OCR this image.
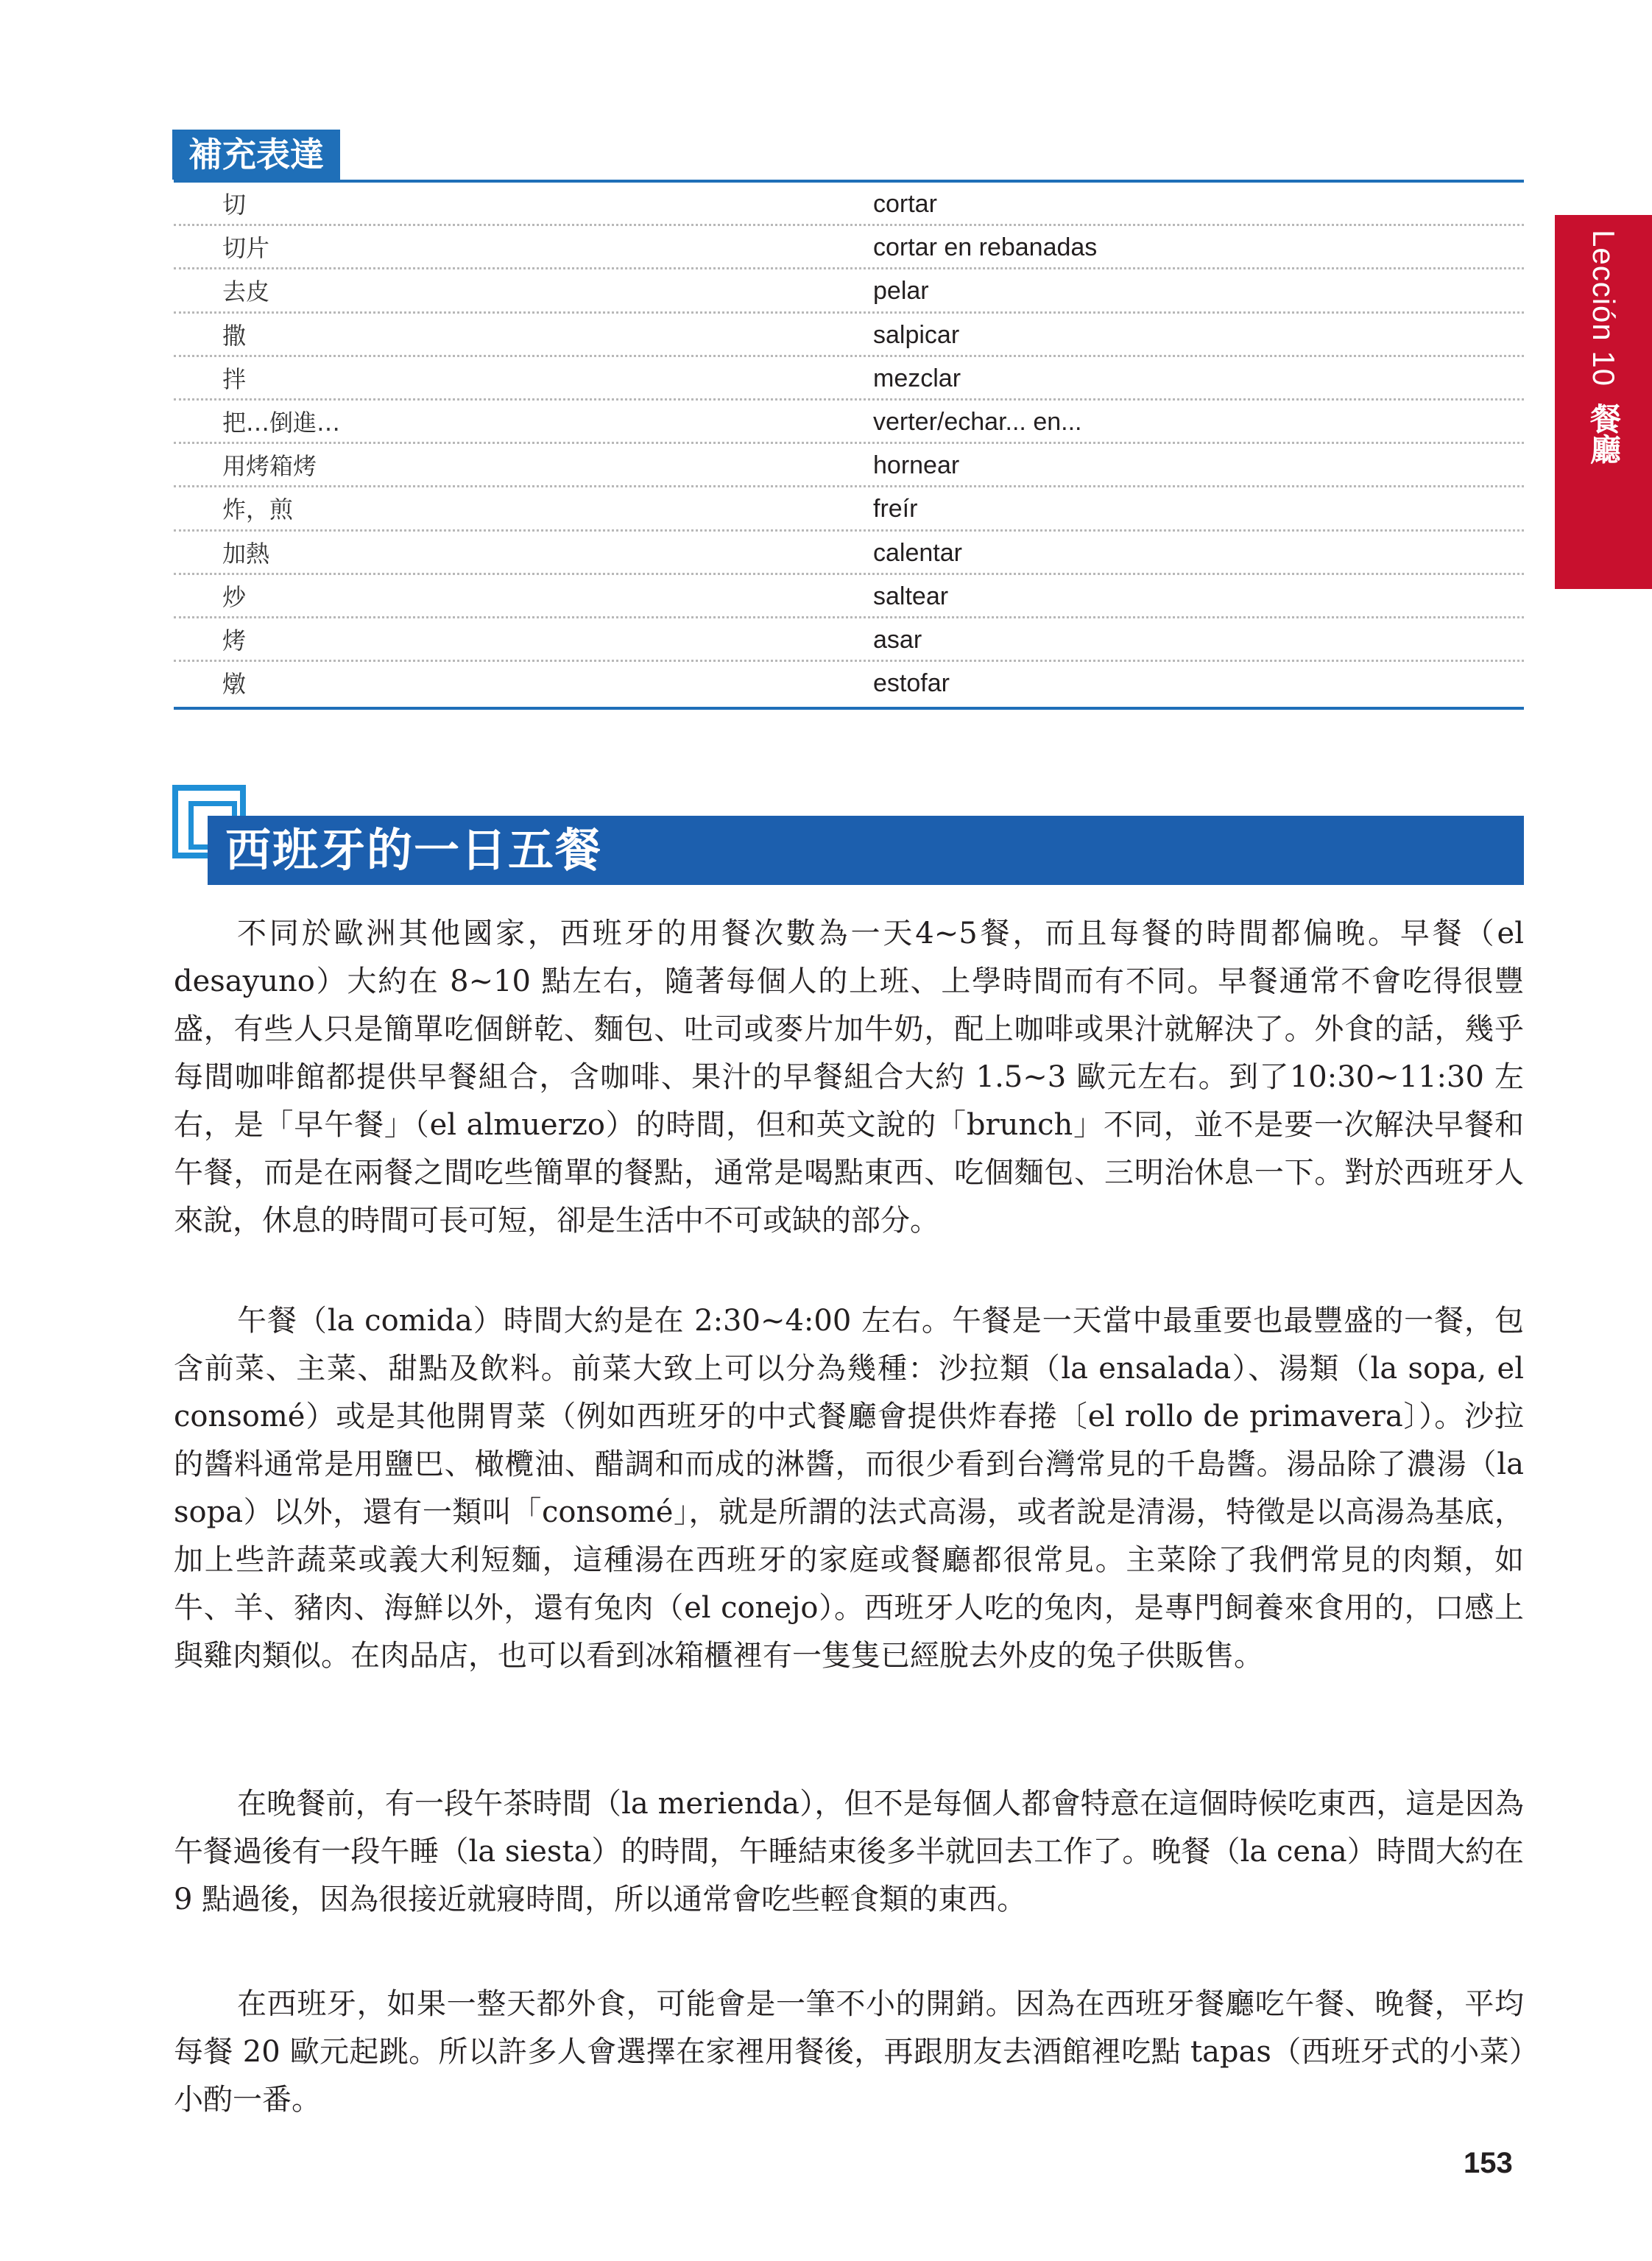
補充表達
切	cortar
切片	cortar en rebanadas
去皮	pelar
撒	salpicar
拌	mezclar
把…倒進…	verter/echar... en...
用烤箱烤	hornear
炸，煎	freír
加熱	calentar
炒	saltear
烤	asar
燉	estofar
Lección 10
餐廳
西班牙的一日五餐

不同於歐洲其他國家，西班牙的用餐次數為一天4~5餐，而且每餐的時間都偏晚。早餐（el desayuno）大約在 8~10 點左右，隨著每個人的上班、上學時間而有不同。早餐通常不會吃得很豐盛，有些人只是簡單吃個餅乾、麵包、吐司或麥片加牛奶，配上咖啡或果汁就解決了。外食的話，幾乎每間咖啡館都提供早餐組合，含咖啡、果汁的早餐組合大約 1.5~3 歐元左右。到了10:30~11:30 左右，是「早午餐」（el almuerzo）的時間，但和英文說的「brunch」不同，並不是要一次解決早餐和午餐，而是在兩餐之間吃些簡單的餐點，通常是喝點東西、吃個麵包、三明治休息一下。對於西班牙人來說，休息的時間可長可短，卻是生活中不可或缺的部分。

午餐（la comida）時間大約是在 2:30~4:00 左右。午餐是一天當中最重要也最豐盛的一餐，包含前菜、主菜、甜點及飲料。前菜大致上可以分為幾種：沙拉類（la ensalada）、湯類（la sopa, el consomé）或是其他開胃菜（例如西班牙的中式餐廳會提供炸春捲〔el rollo de primavera〕）。沙拉的醬料通常是用鹽巴、橄欖油、醋調和而成的淋醬，而很少看到台灣常見的千島醬。湯品除了濃湯（la sopa）以外，還有一類叫「consomé」，就是所謂的法式高湯，或者說是清湯，特徵是以高湯為基底，加上些許蔬菜或義大利短麵，這種湯在西班牙的家庭或餐廳都很常見。主菜除了我們常見的肉類，如牛、羊、豬肉、海鮮以外，還有兔肉（el conejo）。西班牙人吃的兔肉，是專門飼養來食用的，口感上與雞肉類似。在肉品店，也可以看到冰箱櫃裡有一隻隻已經脫去外皮的兔子供販售。

在晚餐前，有一段午茶時間（la merienda），但不是每個人都會特意在這個時候吃東西，這是因為午餐過後有一段午睡（la siesta）的時間，午睡結束後多半就回去工作了。晚餐（la cena）時間大約在 9 點過後，因為很接近就寢時間，所以通常會吃些輕食類的東西。

在西班牙，如果一整天都外食，可能會是一筆不小的開銷。因為在西班牙餐廳吃午餐、晚餐，平均每餐 20 歐元起跳。所以許多人會選擇在家裡用餐後，再跟朋友去酒館裡吃點 tapas（西班牙式的小菜）小酌一番。

153
